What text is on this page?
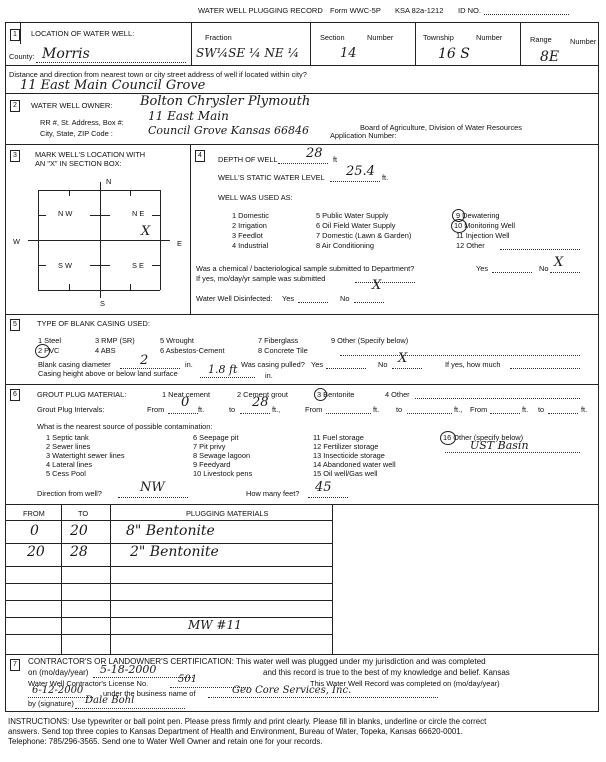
WATER WELL PLUGGING RECORD Form WWC-5P KSA 82a-1212 ID NO.
LOCATION OF WATER WELL:
1
County: Morris
Fraction
SW¼SE ¼ NE ¼
Section	Number
14
Township	Number
16 S
Range Number
8E
Distance and direction from nearest town or city street address of well if located within city?
11 East Main Council Grove
2	WATER WELL OWNER: Bolton Chrysler Plymouth
RR #, St. Address, Box #: 11 East Main
City, State, ZIP Code :	Council Grove Kansas 66846	Board of Agriculture, Division of Water Resources
Application Number:
3	MARK WELL'S LOCATION WITH
AN "X" IN SECTION BOX:
N
S
W	E
N W	N E
S W	S E
X
4	DEPTH OF WELL 28 ft
WELL'S STATIC WATER LEVEL 25.4 ft.
WELL WAS USED AS:
1 Domestic
2 Irrigation
3 Feedlot
4 Industrial
5 Public Water Supply
6 Oil Field Water Supply
7 Domestic (Lawn & Garden)
8 Air Conditioning
9 Dewatering
10 Monitoring Well
11 Injection Well
12 Other
Was a chemical / bacteriological sample submitted to Department?	Yes	No X
If yes, mo/day/yr sample was submitted	X
Water Well Disinfected: Yes	No
5	TYPE OF BLANK CASING USED:
1 Steel
2 PVC
3 RMP (SR)
4 ABS
5 Wrought
6 Asbestos-Cement
7 Fiberglass
8 Concrete Tile
9 Other (Specify below)
Blank casing diameter 2	in.	Was casing pulled? Yes	No X	If yes, how much
Casing height above or below land surface	1.8 ft	in.
6	GROUT PLUG MATERIAL:	1 Neat cement	2 Cement grout	3 Bentonite	4 Other
Grout Plug Intervals:	From 0 ft.	to 28 ft.,	From	ft. to	ft., From	ft. to	ft.
What is the nearest source of possible contamination:
1 Septic tank
2 Sewer lines
3 Watertight sewer lines
4 Lateral lines
5 Cess Pool
6 Seepage pit
7 Pit privy
8 Sewage lagoon
9 Feedyard
10 Livestock pens
11 Fuel storage
12 Fertilizer storage
13 Insecticide storage
14 Abandoned water well
15 Oil well/Gas well
16 Other (specify below)
UST Basin
Direction from well?	NW	How many feet? 45
FROM	TO	PLUGGING MATERIALS
0 20	8" Bentonite
20 28	2" Bentonite
MW #11
7	CONTRACTOR'S OR LANDOWNER'S CERTIFICATION: This water well was plugged under my jurisdiction and was completed
on (mo/day/year) 5-18-2000	and this record is true to the best of my knowledge and belief. Kansas
Water Well Contractor's License No.	501	This Water Well Record was completed on (mo/day/year)
6-12-2000	under the business name of	Geo Core Services, Inc.
by (signature) Dale Bohl
INSTRUCTIONS: Use typewriter or ball point pen. Please press firmly and print clearly. Please fill in blanks, underline or circle the correct
answers. Send top three copies to Kansas Department of Health and Environment, Bureau of Water, Topeka, Kansas 66620-0001.
Telephone: 785/296-3565. Send one to Water Well Owner and retain one for your records.
